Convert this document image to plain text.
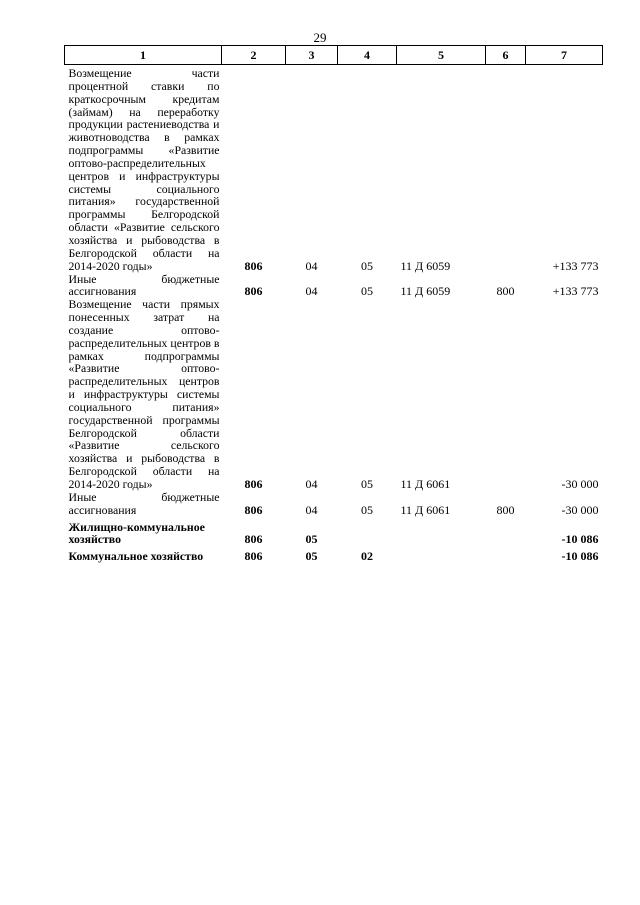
29
1	2	3	4	5	6	7
Возмещение части процентной ставки по краткосрочным кредитам (займам) на переработку продукции растениеводства и животноводства в рамках подпрограммы «Развитие оптово-распределительных центров и инфраструктуры системы социального питания» государственной программы Белгородской области «Развитие сельского хозяйства и рыбоводства в Белгородской области на 2014-2020 годы»	806	04	05	11 Д 6059		+133 773
Иные бюджетные ассигнования	806	04	05	11 Д 6059	800	+133 773
Возмещение части прямых понесенных затрат на создание оптово-распределительных центров в рамках подпрограммы «Развитие оптово-распределительных центров и инфраструктуры системы социального питания» государственной программы Белгородской области «Развитие сельского хозяйства и рыбоводства в Белгородской области на 2014-2020 годы»	806	04	05	11 Д 6061		-30 000
Иные бюджетные ассигнования	806	04	05	11 Д 6061	800	-30 000
Жилищно-коммунальное хозяйство	806	05				-10 086
Коммунальное хозяйство	806	05	02			-10 086
